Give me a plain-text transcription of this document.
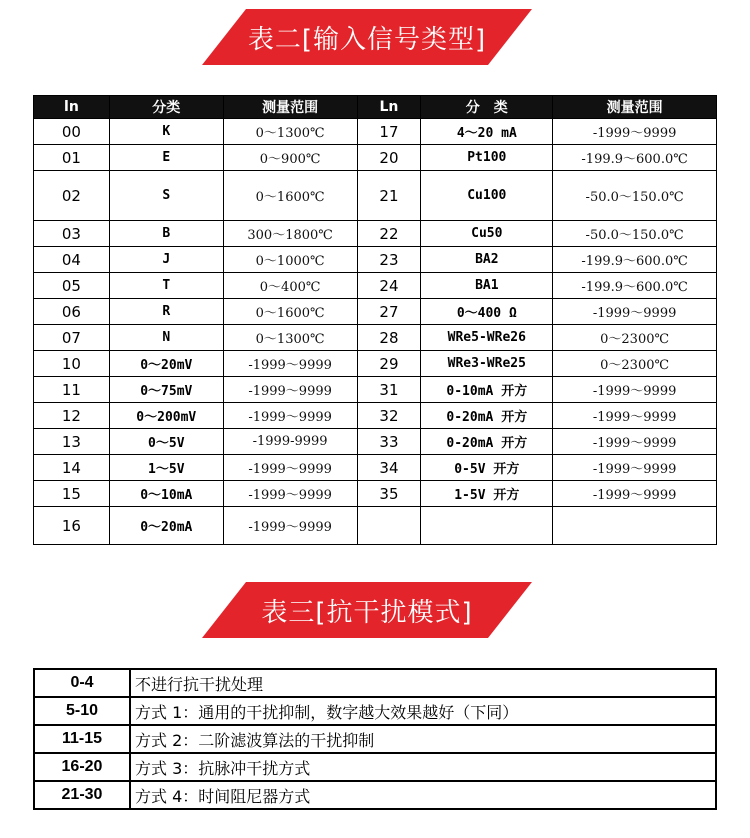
表二[输入信号类型]
ln	分类	测量范围	Ln	分　类	测量范围
00	K	0～1300℃	17	4～20 mA	-1999～9999
01	E	0～900℃	20	Pt100	-199.9～600.0℃
02	S	0～1600℃	21	Cu100	-50.0～150.0℃
03	B	300～1800℃	22	Cu50	-50.0～150.0℃
04	J	0～1000℃	23	BA2	-199.9～600.0℃
05	T	0～400℃	24	BA1	-199.9～600.0℃
06	R	0～1600℃	27	0～400 Ω	-1999～9999
07	N	0～1300℃	28	WRe5-WRe26	0～2300℃
10	0～20mV	-1999～9999	29	WRe3-WRe25	0～2300℃
11	0～75mV	-1999～9999	31	0-10mA 开方	-1999～9999
12	0～200mV	-1999～9999	32	0-20mA 开方	-1999～9999
13	0～5V	-1999-9999	33	0-20mA 开方	-1999～9999
14	1～5V	-1999～9999	34	0-5V 开方	-1999～9999
15	0～10mA	-1999～9999	35	1-5V 开方	-1999～9999
16	0～20mA	-1999～9999			
表三[抗干扰模式]
0-4	不进行抗干扰处理
5-10	方式 1：通用的干扰抑制，数字越大效果越好（下同）
11-15	方式 2：二阶滤波算法的干扰抑制
16-20	方式 3：抗脉冲干扰方式
21-30	方式 4：时间阻尼器方式
